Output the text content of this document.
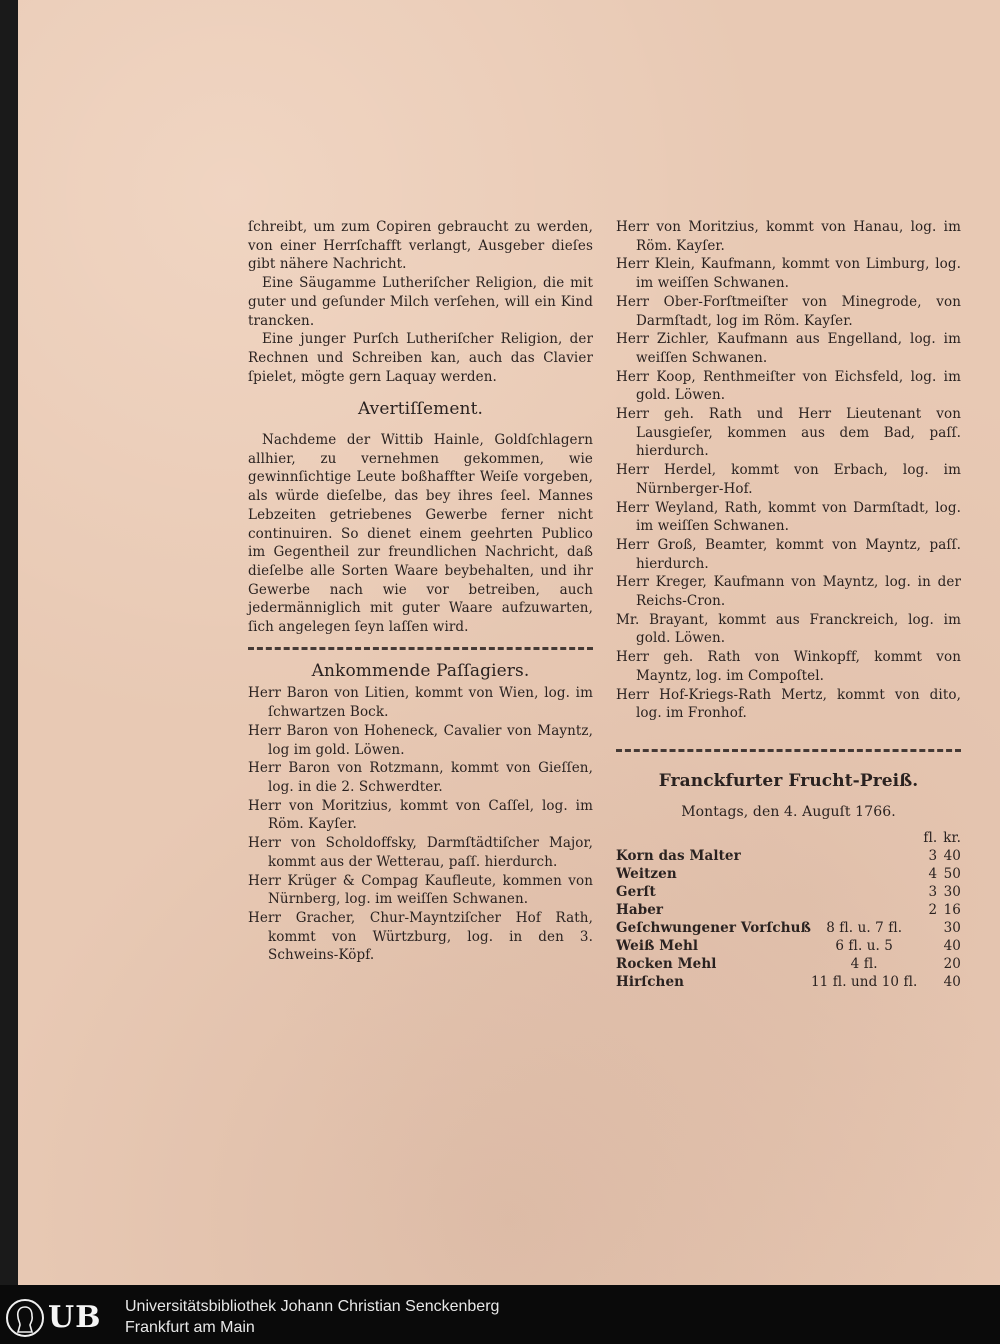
ſchreibt, um zum Copiren gebraucht zu werden, von einer Herrſchafft verlangt, Ausgeber dieſes gibt nähere Nachricht.

Eine Säugamme Lutheriſcher Religion, die mit guter und geſunder Milch verſehen, will ein Kind trancken.

Eine junger Purſch Lutheriſcher Religion, der Rechnen und Schreiben kan, auch das Clavier ſpielet, mögte gern Laquay werden.

Avertiſſement.

Nachdeme der Wittib Hainle, Goldſchlagern allhier, zu vernehmen gekommen, wie gewinnſichtige Leute boßhaffter Weiſe vorgeben, als würde dieſelbe, das bey ihres ſeel. Mannes Lebzeiten getriebenes Gewerbe ferner nicht continuiren. So dienet einem geehrten Publico im Gegentheil zur freundlichen Nachricht, daß dieſelbe alle Sorten Waare beybehalten, und ihr Gewerbe nach wie vor betreiben, auch jedermänniglich mit guter Waare aufzuwarten, ſich angelegen ſeyn laſſen wird.

Ankommende Paſſagiers.

Herr Baron von Litien, kommt von Wien, log. im ſchwartzen Bock.

Herr Baron von Hoheneck, Cavalier von Mayntz, log im gold. Löwen.

Herr Baron von Rotzmann, kommt von Gieſſen, log. in die 2. Schwerdter.

Herr von Moritzius, kommt von Caſſel, log. im Röm. Kayſer.

Herr von Scholdoffsky, Darmſtädtiſcher Major, kommt aus der Wetterau, paſſ. hierdurch.

Herr Krüger & Compag Kaufleute, kommen von Nürnberg, log. im weiſſen Schwanen.

Herr Gracher, Chur-Mayntziſcher Hof Rath, kommt von Würtzburg, log. in den 3. Schweins-Köpf.

Herr von Moritzius, kommt von Hanau, log. im Röm. Kayſer.

Herr Klein, Kaufmann, kommt von Limburg, log. im weiſſen Schwanen.

Herr Ober-Forſtmeiſter von Minegrode, von Darmſtadt, log im Röm. Kayſer.

Herr Zichler, Kaufmann aus Engelland, log. im weiſſen Schwanen.

Herr Koop, Renthmeiſter von Eichsfeld, log. im gold. Löwen.

Herr geh. Rath und Herr Lieutenant von Lausgieſer, kommen aus dem Bad, paſſ. hierdurch.

Herr Herdel, kommt von Erbach, log. im Nürnberger-Hof.

Herr Weyland, Rath, kommt von Darmſtadt, log. im weiſſen Schwanen.

Herr Groß, Beamter, kommt von Mayntz, paſſ. hierdurch.

Herr Kreger, Kaufmann von Mayntz, log. in der Reichs-Cron.

Mr. Brayant, kommt aus Franckreich, log. im gold. Löwen.

Herr geh. Rath von Winkopff, kommt von Mayntz, log. im Compoſtel.

Herr Hof-Kriegs-Rath Mertz, kommt von dito, log. im Fronhof.

Franckfurter Frucht-Preiß.
Montags, den 4. Auguſt 1766.
		fl.	kr.
Korn das Malter		3	40
Weitzen		4	50
Gerſt		3	30
Haber		2	16
Geſchwungener Vorſchuß	8 fl. u. 7 fl.		30
Weiß Mehl	6 fl. u. 5		40
Rocken Mehl	4 fl.		20
Hirſchen	11 fl. und 10 fl.		40
UB Universitätsbibliothek Johann Christian Senckenberg
Frankfurt am Main
